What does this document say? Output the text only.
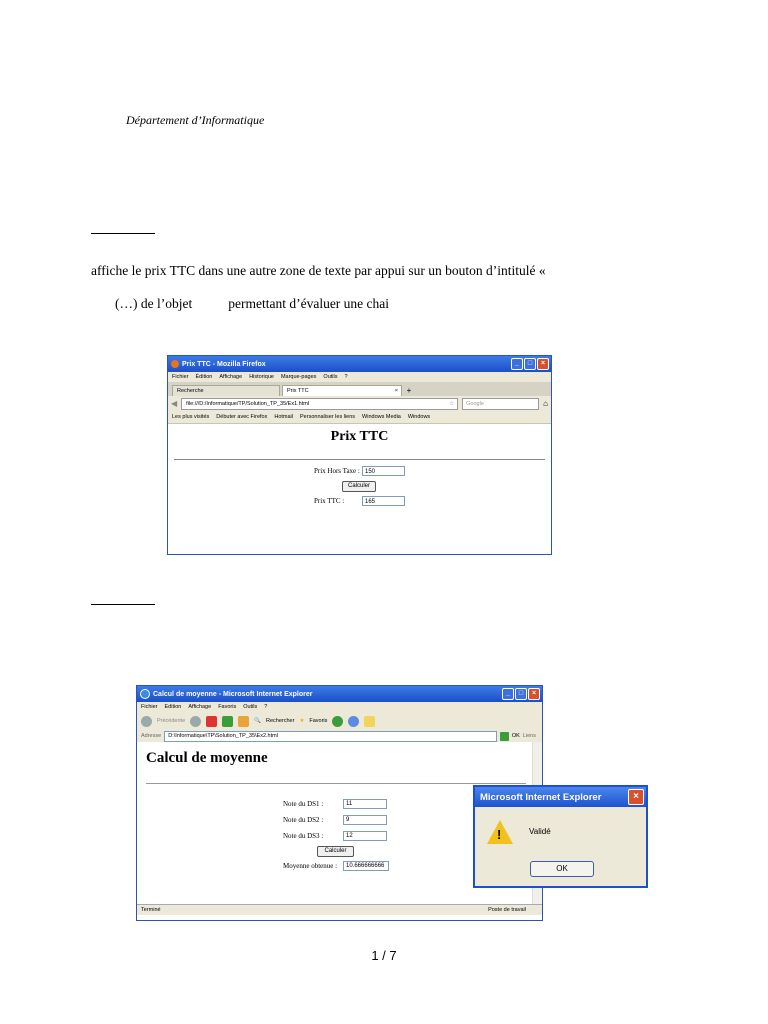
Département d’Informatique
affiche le prix TTC dans une autre zone de texte par appui sur un bouton d’intitulé «
(…) de l’objet	permettant d’évaluer une chai
Prix TTC - Mozilla Firefox	_	□	×
Fichier Édition Affichage Historique Marque-pages Outils ?
Recherche	Prix TTC	×	+
◀ file:///D:/Informatique/TP/Solution_TP_35/Ex1.html	☆	Google	⌂
Les plus visités Débuter avec Firefox Hotmail Personnaliser les liens Windows Media Windows
Prix TTC
Prix Hors Taxe : 150
Calculer
Prix TTC :	165
Calcul de moyenne - Microsoft Internet Explorer	_	□	×
Fichier Edition Affichage Favoris Outils ?
Précédente	🔍 Rechercher ★ Favoris
Adresse	D:\Informatique\TP\Solution_TP_35\Ex2.html	OK Liens
Calcul de moyenne
Note du DS1 :	11
Note du DS2 :	9
Note du DS3 :	12
Calculer
Moyenne obtenue :	10.666666666
Terminé	Poste de travail
Microsoft Internet Explorer	×
!	Validé
OK
1 / 7
